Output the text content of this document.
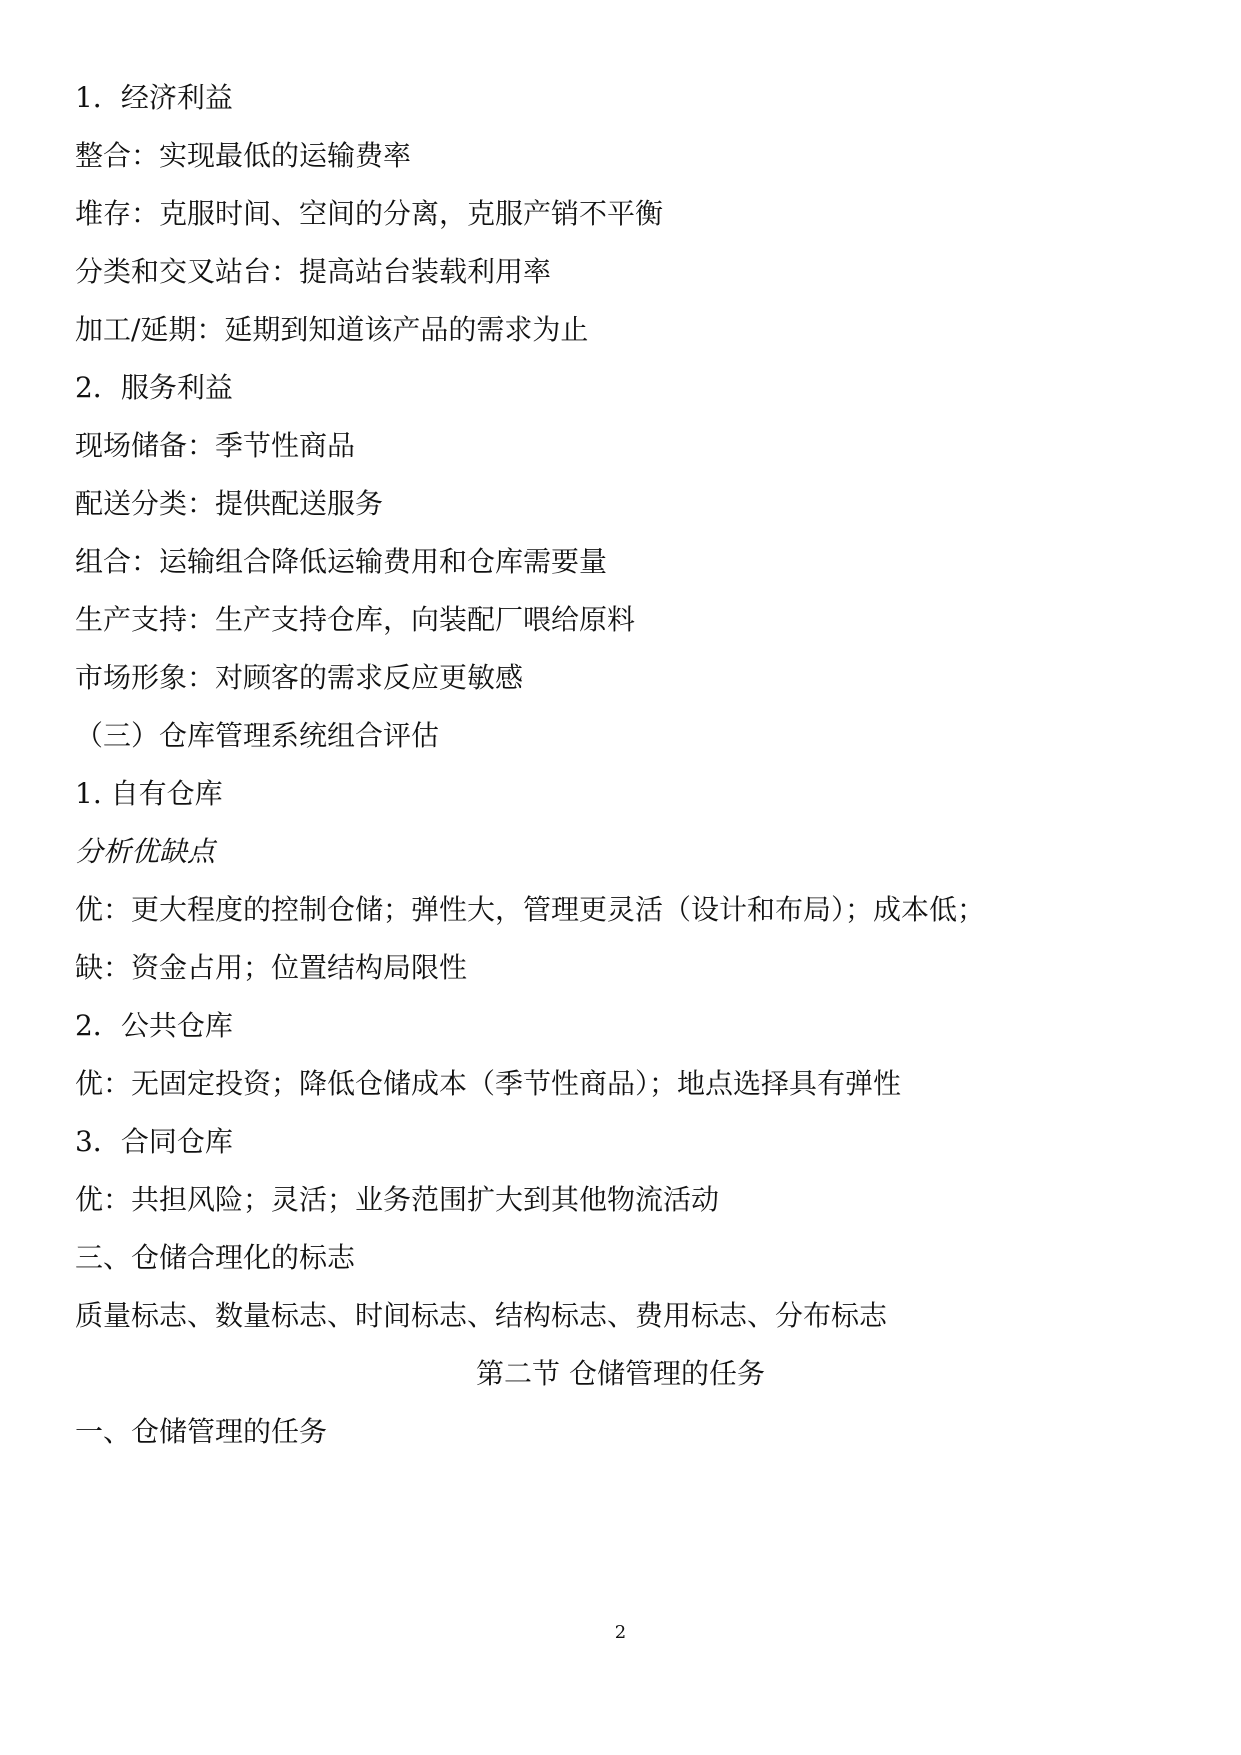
1．经济利益
整合：实现最低的运输费率
堆存：克服时间、空间的分离，克服产销不平衡
分类和交叉站台：提高站台装载利用率
加工/延期：延期到知道该产品的需求为止
2．服务利益
现场储备：季节性商品
配送分类：提供配送服务
组合：运输组合降低运输费用和仓库需要量
生产支持：生产支持仓库，向装配厂喂给原料
市场形象：对顾客的需求反应更敏感
（三）仓库管理系统组合评估
1. 自有仓库
分析优缺点
优：更大程度的控制仓储；弹性大，管理更灵活（设计和布局）；成本低；
缺：资金占用；位置结构局限性
2．公共仓库
优：无固定投资；降低仓储成本（季节性商品）；地点选择具有弹性
3．合同仓库
优：共担风险；灵活；业务范围扩大到其他物流活动
三、仓储合理化的标志
质量标志、数量标志、时间标志、结构标志、费用标志、分布标志
第二节 仓储管理的任务
一、仓储管理的任务
2
